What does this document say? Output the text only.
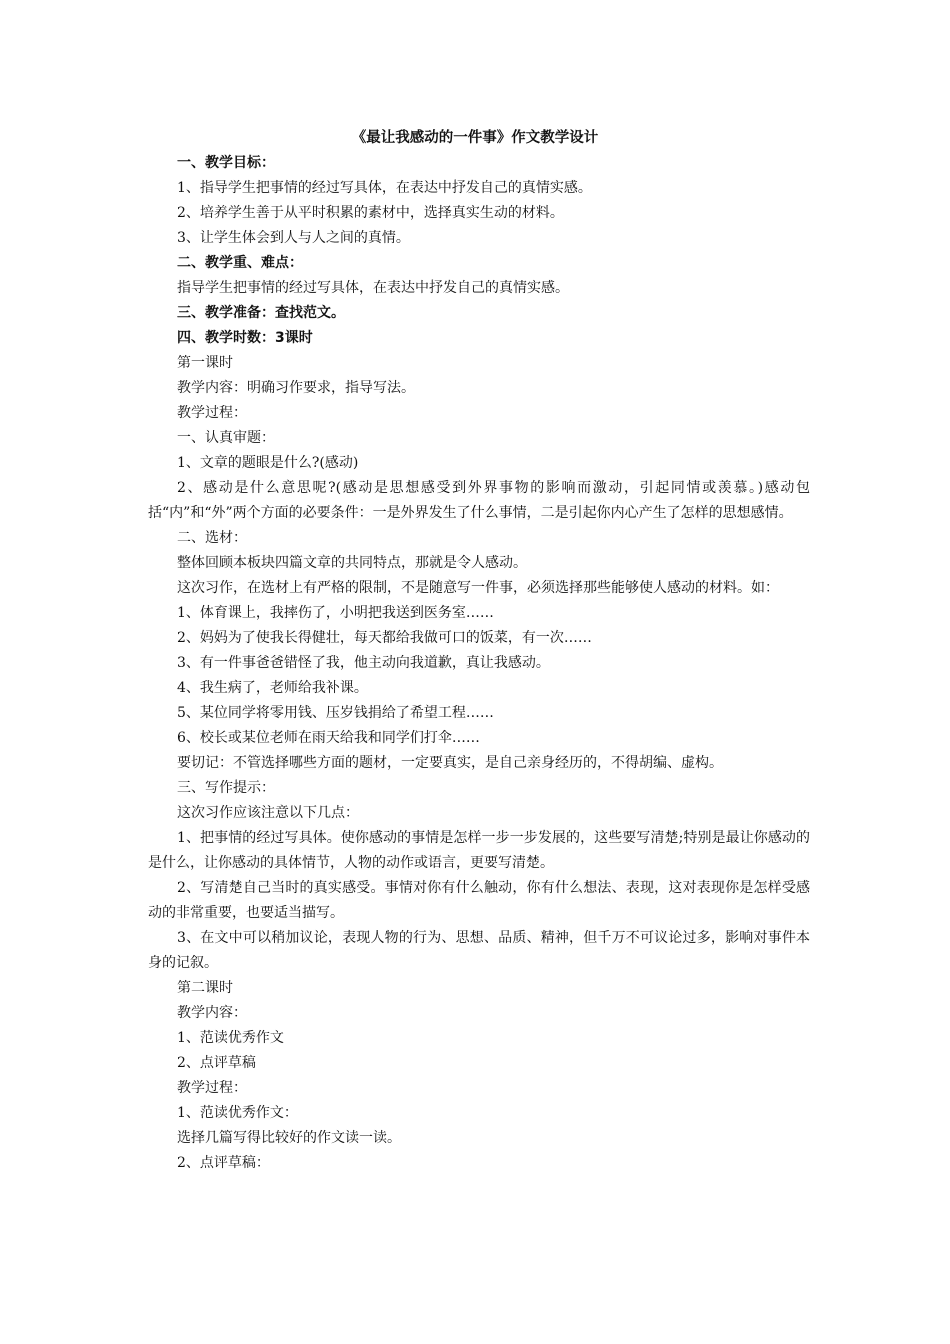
《最让我感动的一件事》作文教学设计

一、教学目标：

1、指导学生把事情的经过写具体，在表达中抒发自己的真情实感。

2、培养学生善于从平时积累的素材中，选择真实生动的材料。

3、让学生体会到人与人之间的真情。

二、教学重、难点：

指导学生把事情的经过写具体，在表达中抒发自己的真情实感。

三、教学准备：查找范文。

四、教学时数：3课时

第一课时

教学内容：明确习作要求，指导写法。

教学过程：

一、认真审题：

1、文章的题眼是什么?(感动)

2、感动是什么意思呢?(感动是思想感受到外界事物的影响而激动，引起同情或羡慕。)感动包括“内”和“外”两个方面的必要条件：一是外界发生了什么事情，二是引起你内心产生了怎样的思想感情。

二、选材：

整体回顾本板块四篇文章的共同特点，那就是令人感动。

这次习作，在选材上有严格的限制，不是随意写一件事，必须选择那些能够使人感动的材料。如：

1、体育课上，我摔伤了，小明把我送到医务室……

2、妈妈为了使我长得健壮，每天都给我做可口的饭菜，有一次……

3、有一件事爸爸错怪了我，他主动向我道歉，真让我感动。

4、我生病了，老师给我补课。

5、某位同学将零用钱、压岁钱捐给了希望工程……

6、校长或某位老师在雨天给我和同学们打伞……

要切记：不管选择哪些方面的题材，一定要真实，是自己亲身经历的，不得胡编、虚构。

三、写作提示：

这次习作应该注意以下几点：

1、把事情的经过写具体。使你感动的事情是怎样一步一步发展的，这些要写清楚;特别是最让你感动的是什么，让你感动的具体情节，人物的动作或语言，更要写清楚。

2、写清楚自己当时的真实感受。事情对你有什么触动，你有什么想法、表现，这对表现你是怎样受感动的非常重要，也要适当描写。

3、在文中可以稍加议论，表现人物的行为、思想、品质、精神，但千万不可议论过多，影响对事件本身的记叙。

第二课时

教学内容：

1、范读优秀作文

2、点评草稿

教学过程：

1、范读优秀作文：

选择几篇写得比较好的作文读一读。

2、点评草稿：
